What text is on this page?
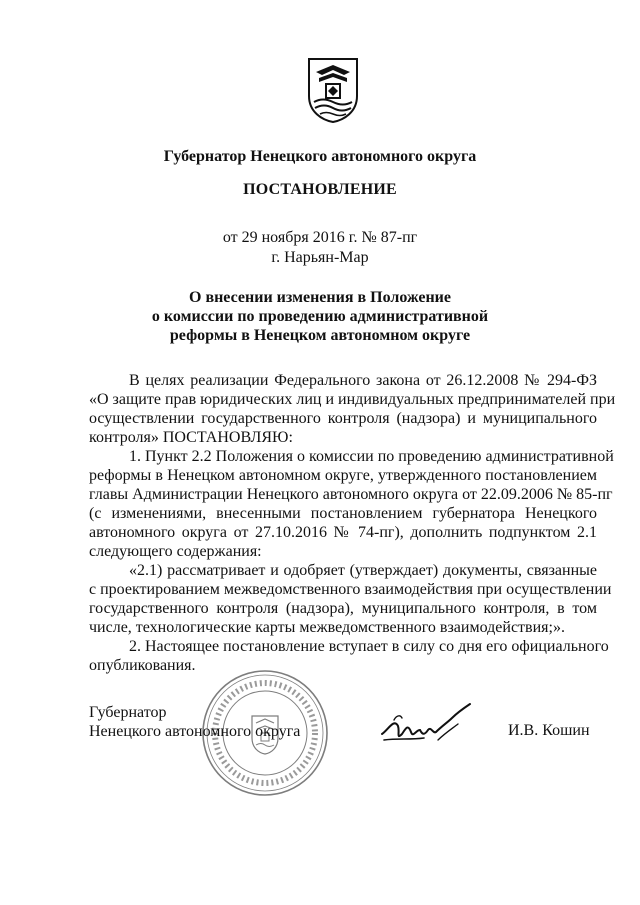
Губернатор Ненецкого автономного округа
ПОСТАНОВЛЕНИЕ
от 29 ноября 2016 г. № 87-пг
г. Нарьян-Мар
О внесении изменения в Положение
о комиссии по проведению административной
реформы в Ненецком автономном округе

В целях реализации Федерального закона от 26.12.2008 № 294-ФЗ
«О защите прав юридических лиц и индивидуальных предпринимателей при
осуществлении государственного контроля (надзора) и муниципального
контроля» ПОСТАНОВЛЯЮ:

1. Пункт 2.2 Положения о комиссии по проведению административной
реформы в Ненецком автономном округе, утвержденного постановлением
главы Администрации Ненецкого автономного округа от 22.09.2006 № 85-пг
(с изменениями, внесенными постановлением губернатора Ненецкого
автономного округа от 27.10.2016 № 74-пг), дополнить подпунктом 2.1
следующего содержания:

«2.1) рассматривает и одобряет (утверждает) документы, связанные
с проектированием межведомственного взаимодействия при осуществлении
государственного контроля (надзора), муниципального контроля, в том
числе, технологические карты межведомственного взаимодействия;».

2. Настоящее постановление вступает в силу со дня его официального
опубликования.

Губернатор
Ненецкого автономного округа	И.В. Кошин
